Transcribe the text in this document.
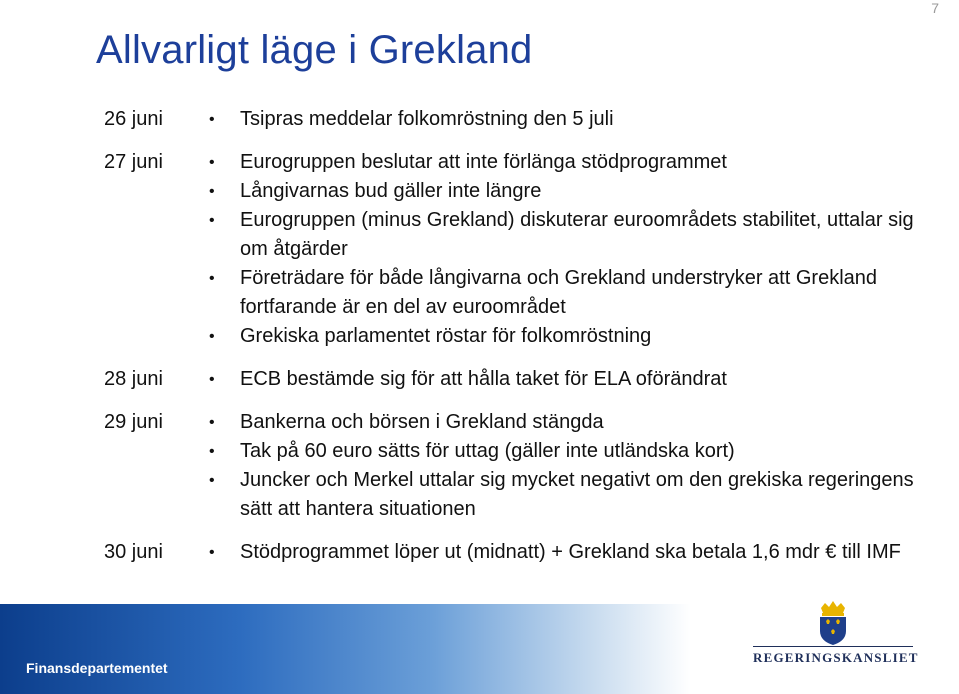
7
Allvarligt läge i Grekland
26 juni	• Tsipras meddelar folkomröstning den 5 juli
27 juni	• Eurogruppen beslutar att inte förlänga stödprogrammet
• Långivarnas bud gäller inte längre
• Eurogruppen (minus Grekland) diskuterar euroområdets stabilitet, uttalar sig om åtgärder
• Företrädare för både långivarna och Grekland understryker att Grekland fortfarande är en del av euroområdet
• Grekiska parlamentet röstar för folkomröstning
28 juni	• ECB bestämde sig för att hålla taket för ELA oförändrat
29 juni	• Bankerna och börsen i Grekland stängda
• Tak på 60 euro sätts för uttag (gäller inte utländska kort)
• Juncker och Merkel uttalar sig mycket negativt om den grekiska regeringens sätt att hantera situationen
30 juni	• Stödprogrammet löper ut (midnatt) + Grekland ska betala 1,6 mdr € till IMF
Finansdepartementet
REGERINGSKANSLIET
